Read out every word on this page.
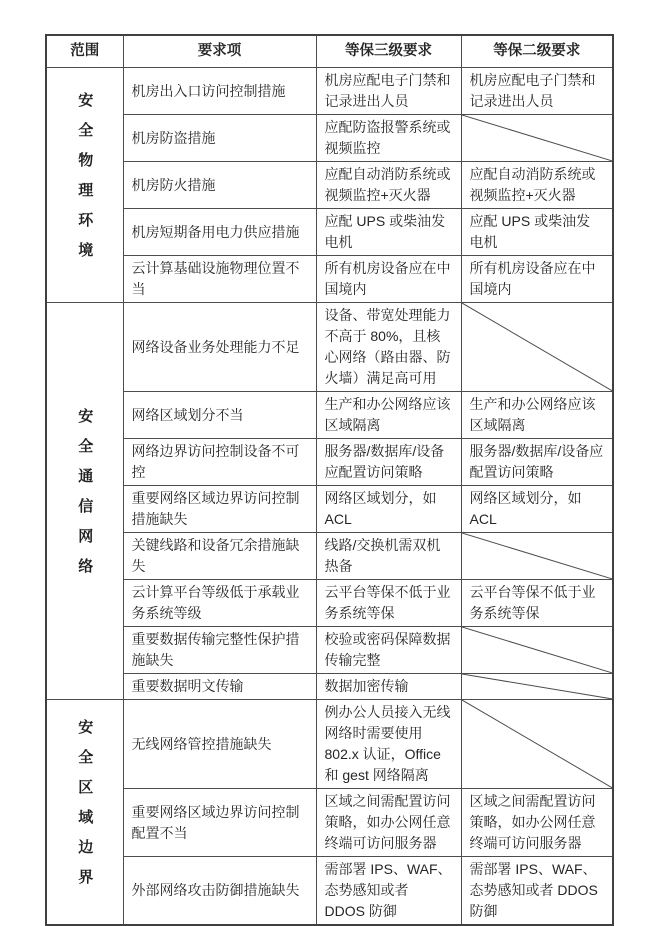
范围	要求项	等保三级要求	等保二级要求
安全物理环境	机房出入口访问控制措施	机房应配电子门禁和记录进出人员	机房应配电子门禁和记录进出人员
	机房防盗措施	应配防盗报警系统或视频监控	

	机房防火措施	应配自动消防系统或视频监控+灭火器	应配自动消防系统或视频监控+灭火器
	机房短期备用电力供应措施	应配 UPS 或柴油发电机	应配 UPS 或柴油发电机
	云计算基础设施物理位置不当	所有机房设备应在中国境内	所有机房设备应在中国境内
安全通信网络	网络设备业务处理能力不足	设备、带宽处理能力不高于 80%，且核心网络（路由器、防火墙）满足高可用	

	网络区域划分不当	生产和办公网络应该区域隔离	生产和办公网络应该区域隔离
	网络边界访问控制设备不可控	服务器/数据库/设备应配置访问策略	服务器/数据库/设备应配置访问策略
	重要网络区域边界访问控制措施缺失	网络区域划分，如 ACL	网络区域划分，如 ACL
	关键线路和设备冗余措施缺失	线路/交换机需双机热备	

	云计算平台等级低于承载业务系统等级	云平台等保不低于业务系统等保	云平台等保不低于业务系统等保
	重要数据传输完整性保护措施缺失	校验或密码保障数据传输完整	

	重要数据明文传输	数据加密传输	

安全区域边界	无线网络管控措施缺失	例办公人员接入无线网络时需要使用 802.x 认证，Office 和 gest 网络隔离	

	重要网络区域边界访问控制配置不当	区域之间需配置访问策略，如办公网任意终端可访问服务器	区域之间需配置访问策略，如办公网任意终端可访问服务器
	外部网络攻击防御措施缺失	需部署 IPS、WAF、态势感知或者 DDOS 防御	需部署 IPS、WAF、态势感知或者 DDOS 防御
